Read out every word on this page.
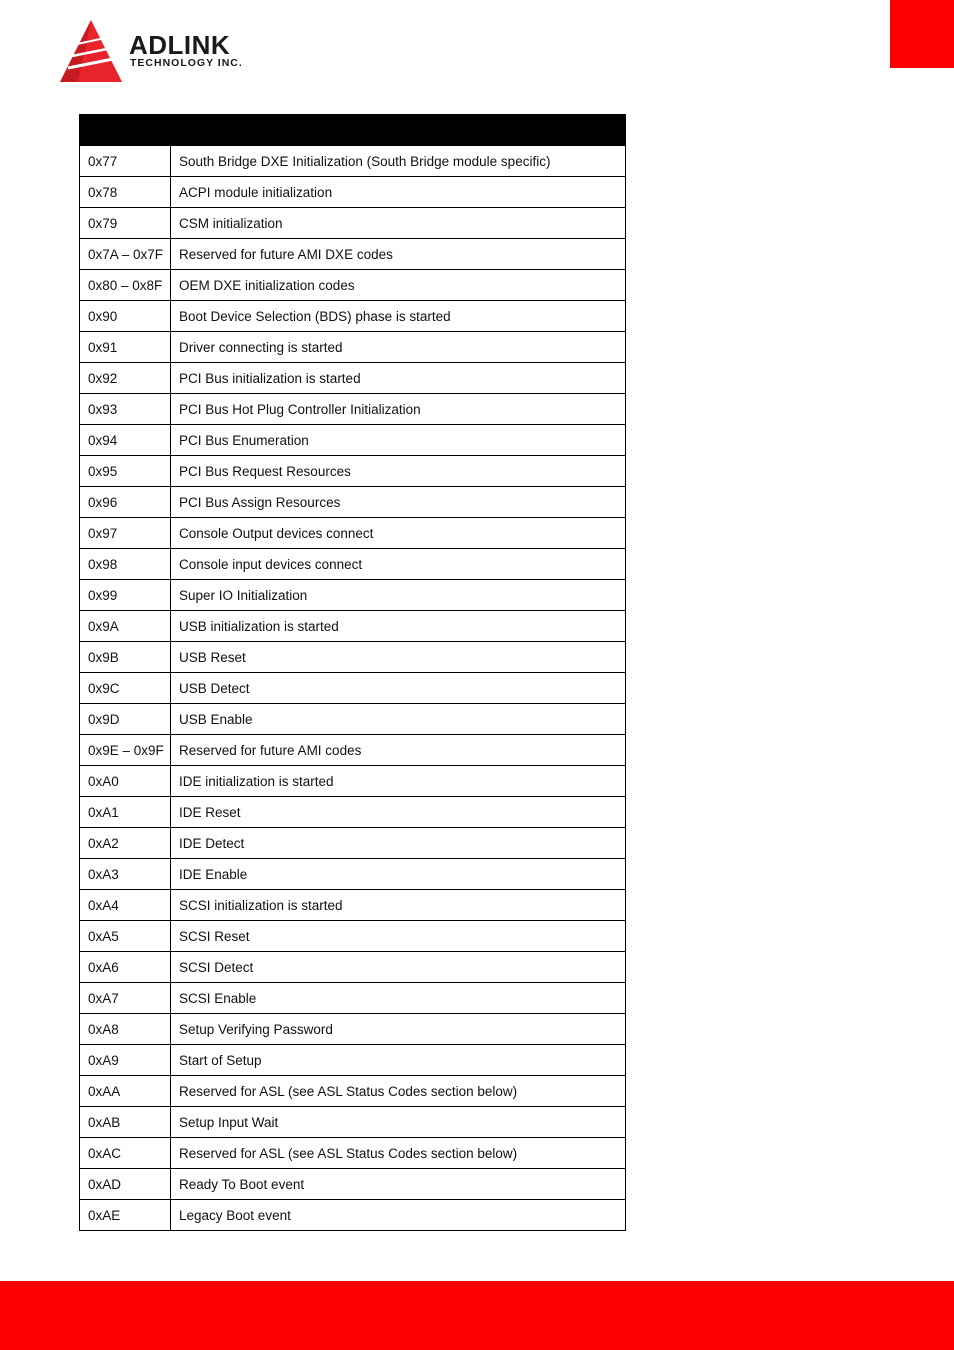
ADLINK
TECHNOLOGY INC.

0x77	South Bridge DXE Initialization (South Bridge module specific)
0x78	ACPI module initialization
0x79	CSM initialization
0x7A – 0x7F	Reserved for future AMI DXE codes
0x80 – 0x8F	OEM DXE initialization codes
0x90	Boot Device Selection (BDS) phase is started
0x91	Driver connecting is started
0x92	PCI Bus initialization is started
0x93	PCI Bus Hot Plug Controller Initialization
0x94	PCI Bus Enumeration
0x95	PCI Bus Request Resources
0x96	PCI Bus Assign Resources
0x97	Console Output devices connect
0x98	Console input devices connect
0x99	Super IO Initialization
0x9A	USB initialization is started
0x9B	USB Reset
0x9C	USB Detect
0x9D	USB Enable
0x9E – 0x9F	Reserved for future AMI codes
0xA0	IDE initialization is started
0xA1	IDE Reset
0xA2	IDE Detect
0xA3	IDE Enable
0xA4	SCSI initialization is started
0xA5	SCSI Reset
0xA6	SCSI Detect
0xA7	SCSI Enable
0xA8	Setup Verifying Password
0xA9	Start of Setup
0xAA	Reserved for ASL (see ASL Status Codes section below)
0xAB	Setup Input Wait
0xAC	Reserved for ASL (see ASL Status Codes section below)
0xAD	Ready To Boot event
0xAE	Legacy Boot event
